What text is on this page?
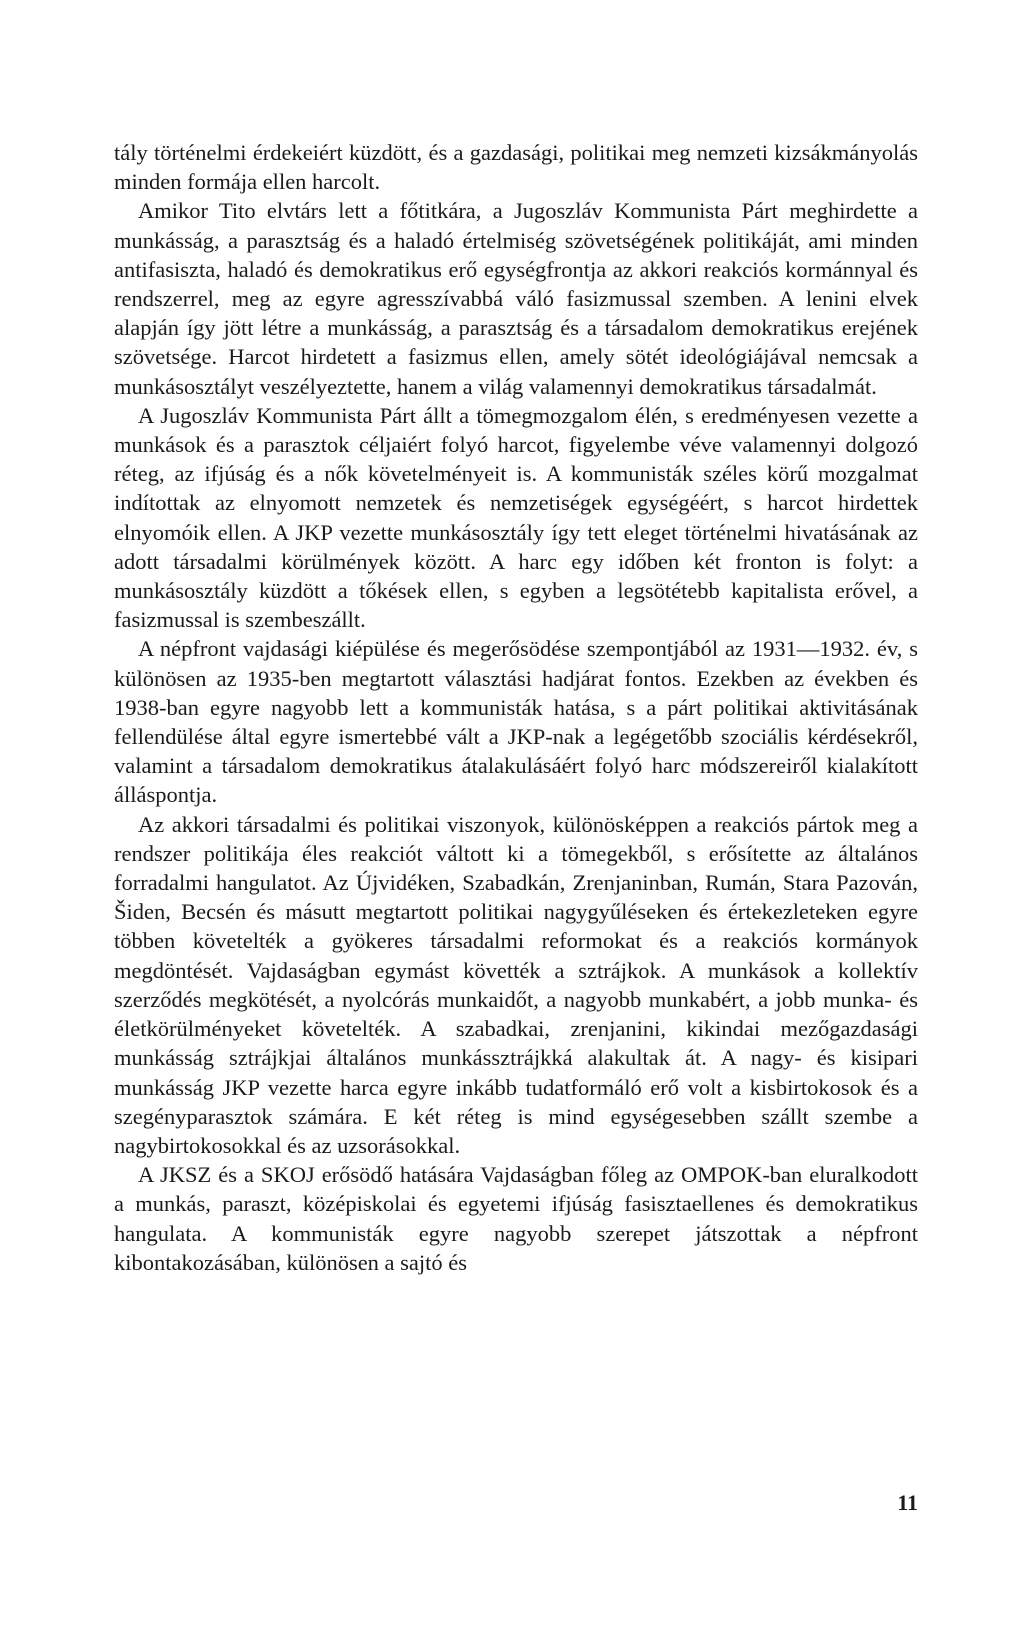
tály történelmi érdekeiért küzdött, és a gazdasági, politikai meg nemzeti kizsákmányolás minden formája ellen harcolt.

Amikor Tito elvtárs lett a főtitkára, a Jugoszláv Kommunista Párt meghirdette a munkásság, a parasztság és a haladó értelmiség szövetségének politikáját, ami minden antifasiszta, haladó és demokratikus erő egységfrontja az akkori reakciós kormánnyal és rendszerrel, meg az egyre agresszívabbá váló fasizmussal szemben. A lenini elvek alapján így jött létre a munkásság, a parasztság és a társadalom demokratikus erejének szövetsége. Harcot hirdetett a fasizmus ellen, amely sötét ideológiájával nemcsak a munkásosztályt veszélyeztette, hanem a világ valamennyi demokratikus társadalmát.

A Jugoszláv Kommunista Párt állt a tömegmozgalom élén, s eredményesen vezette a munkások és a parasztok céljaiért folyó harcot, figyelembe véve valamennyi dolgozó réteg, az ifjúság és a nők követelményeit is. A kommunisták széles körű mozgalmat indítottak az elnyomott nemzetek és nemzetiségek egységéért, s harcot hirdettek elnyomóik ellen. A JKP vezette munkásosztály így tett eleget történelmi hivatásának az adott társadalmi körülmények között. A harc egy időben két fronton is folyt: a munkásosztály küzdött a tőkések ellen, s egyben a legsötétebb kapitalista erővel, a fasizmussal is szembeszállt.

A népfront vajdasági kiépülése és megerősödése szempontjából az 1931—1932. év, s különösen az 1935-ben megtartott választási hadjárat fontos. Ezekben az években és 1938-ban egyre nagyobb lett a kommunisták hatása, s a párt politikai aktivitásának fellendülése által egyre ismertebbé vált a JKP-nak a legégetőbb szociális kérdésekről, valamint a társadalom demokratikus átalakulásáért folyó harc módszereiről kialakított álláspontja.

Az akkori társadalmi és politikai viszonyok, különösképpen a reakciós pártok meg a rendszer politikája éles reakciót váltott ki a tömegekből, s erősítette az általános forradalmi hangulatot. Az Újvidéken, Szabadkán, Zrenjaninban, Rumán, Stara Pazován, Šiden, Becsén és másutt megtartott politikai nagygyűléseken és értekezleteken egyre többen követelték a gyökeres társadalmi reformokat és a reakciós kormányok megdöntését. Vajdaságban egymást követték a sztrájkok. A munkások a kollektív szerződés megkötését, a nyolcórás munkaidőt, a nagyobb munkabért, a jobb munka- és életkörülményeket követelték. A szabadkai, zrenjanini, kikindai mezőgazdasági munkásság sztrájkjai általános munkássztrájkká alakultak át. A nagy- és kisipari munkásság JKP vezette harca egyre inkább tudatformáló erő volt a kisbirtokosok és a szegényparasztok számára. E két réteg is mind egységesebben szállt szembe a nagybirtokosokkal és az uzsorásokkal.

A JKSZ és a SKOJ erősödő hatására Vajdaságban főleg az OMPOK-ban eluralkodott a munkás, paraszt, középiskolai és egyetemi ifjúság fasisztaellenes és demokratikus hangulata. A kommunisták egyre nagyobb szerepet játszottak a népfront kibontakozásában, különösen a sajtó és

11
